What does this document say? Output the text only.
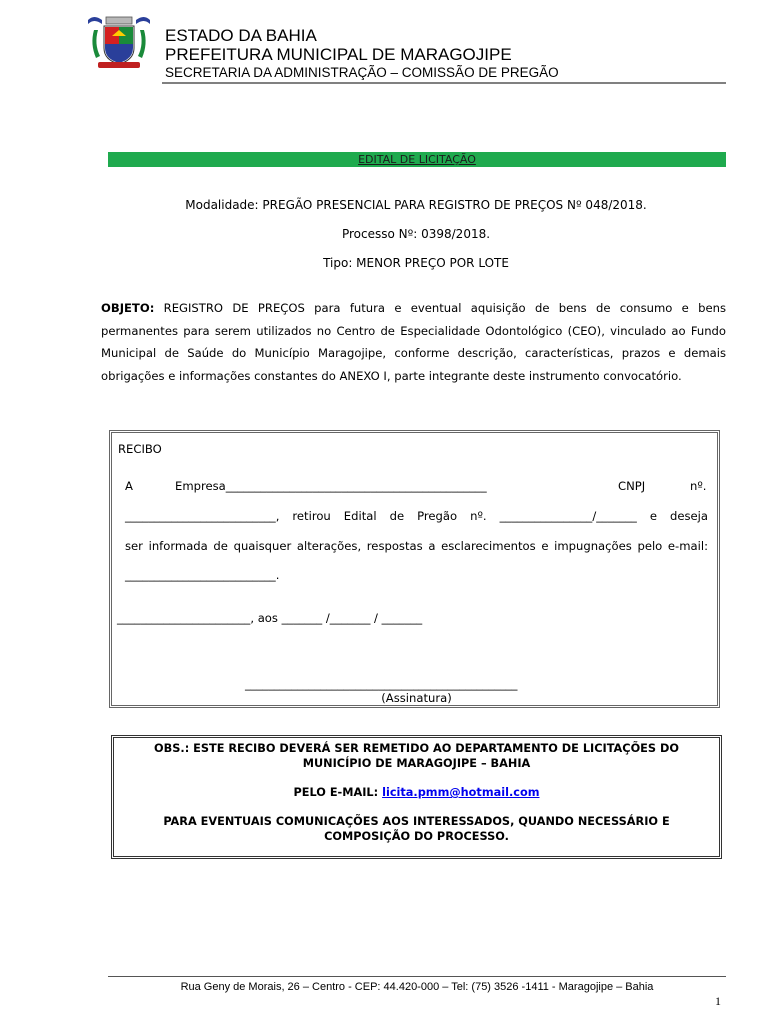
ESTADO DA BAHIA
PREFEITURA MUNICIPAL DE MARAGOJIPE
SECRETARIA DA ADMINISTRAÇÃO – COMISSÃO DE PREGÃO
EDITAL DE LICITAÇÃO
Modalidade: PREGÃO PRESENCIAL PARA REGISTRO DE PREÇOS Nº 048/2018.
Processo Nº: 0398/2018.
Tipo: MENOR PREÇO POR LOTE
OBJETO: REGISTRO DE PREÇOS para futura e eventual aquisição de bens de consumo e bens permanentes para serem utilizados no Centro de Especialidade Odontológico (CEO), vinculado ao Fundo Municipal de Saúde do Município Maragojipe, conforme descrição, características, prazos e demais obrigações e informações constantes do ANEXO I, parte integrante deste instrumento convocatório.
RECIBO
A	Empresa_____________________________________________	CNPJ	nº.
__________________________, retirou Edital de Pregão nº. ________________/_______ e deseja
ser informada de quaisquer alterações, respostas a esclarecimentos e impugnações pelo e-mail:
__________________________.
_______________________, aos _______ /_______ / _______
_______________________________________________
(Assinatura)
OBS.: ESTE RECIBO DEVERÁ SER REMETIDO AO DEPARTAMENTO DE LICITAÇÕES DO
MUNICÍPIO DE MARAGOJIPE – BAHIA
PELO E-MAIL: licita.pmm@hotmail.com
PARA EVENTUAIS COMUNICAÇÕES AOS INTERESSADOS, QUANDO NECESSÁRIO E
COMPOSIÇÃO DO PROCESSO.
Rua Geny de Morais, 26 – Centro - CEP: 44.420-000 – Tel: (75) 3526 -1411 - Maragojipe – Bahia
1
